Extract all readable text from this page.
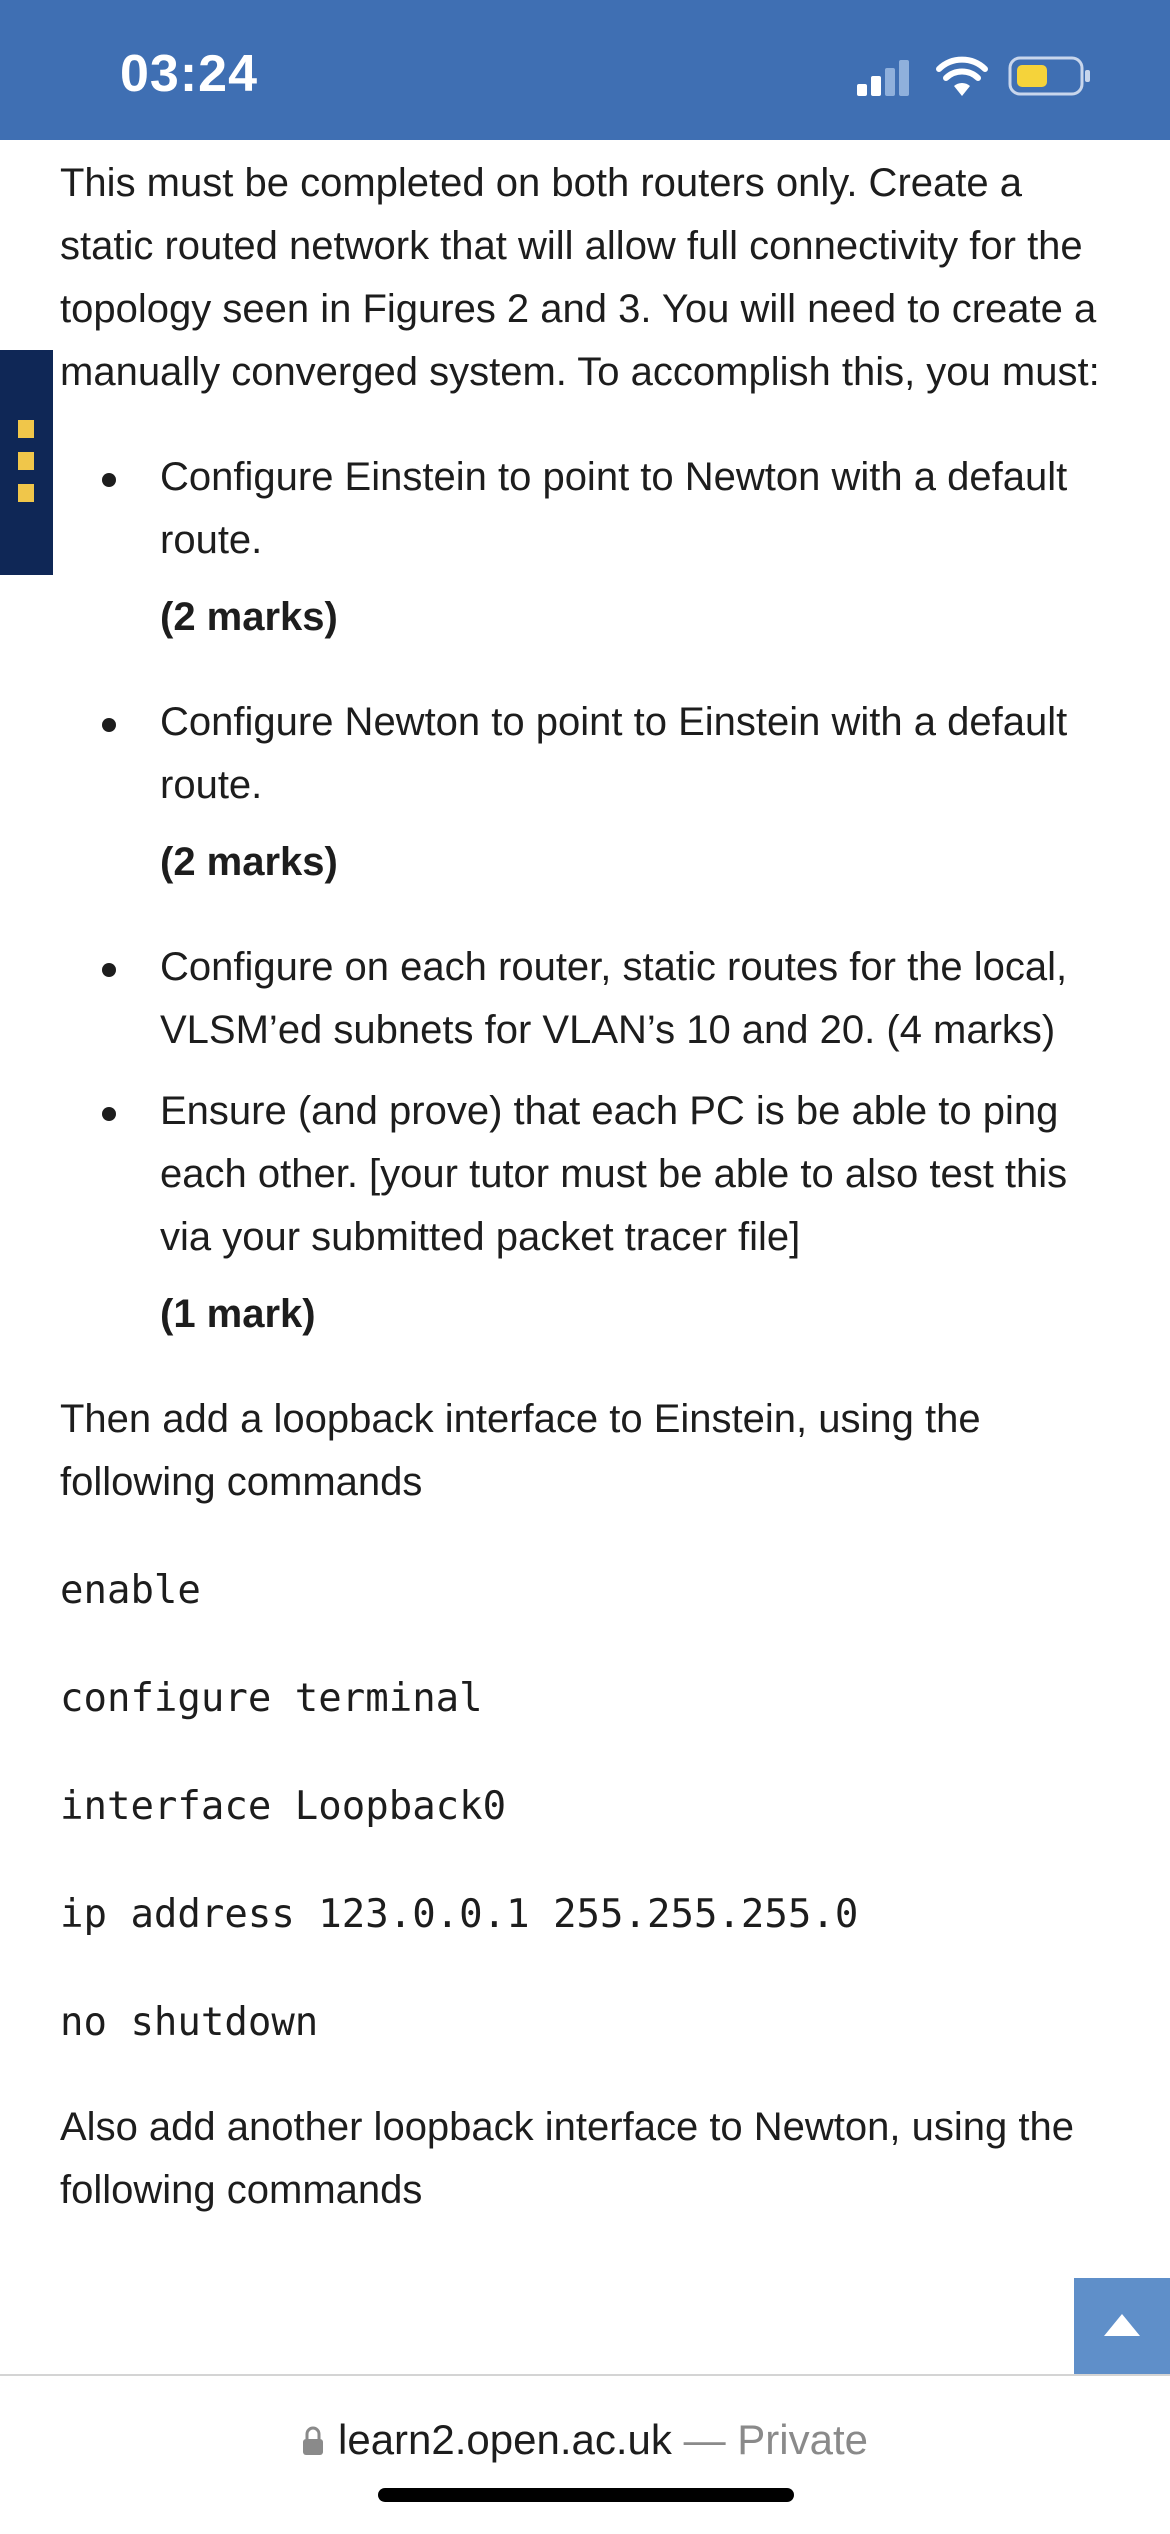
03:24

This must be completed on both routers only. Create a static routed network that will allow full connectivity for the topology seen in Figures 2 and 3. You will need to create a manually converged system. To accomplish this, you must:

Configure Einstein to point to Newton with a default route.
(2 marks)
Configure Newton to point to Einstein with a default route.
(2 marks)
Configure on each router, static routes for the local, VLSM’ed subnets for VLAN’s 10 and 20. (4 marks)
Ensure (and prove) that each PC is be able to ping each other. [your tutor must be able to also test this via your submitted packet tracer file]
(1 mark)

Then add a loopback interface to Einstein, using the following commands

enable
configure terminal
interface Loopback0
ip address 123.0.0.1 255.255.255.0
no shutdown

Also add another loopback interface to Newton, using the following commands

learn2.open.ac.uk — Private
